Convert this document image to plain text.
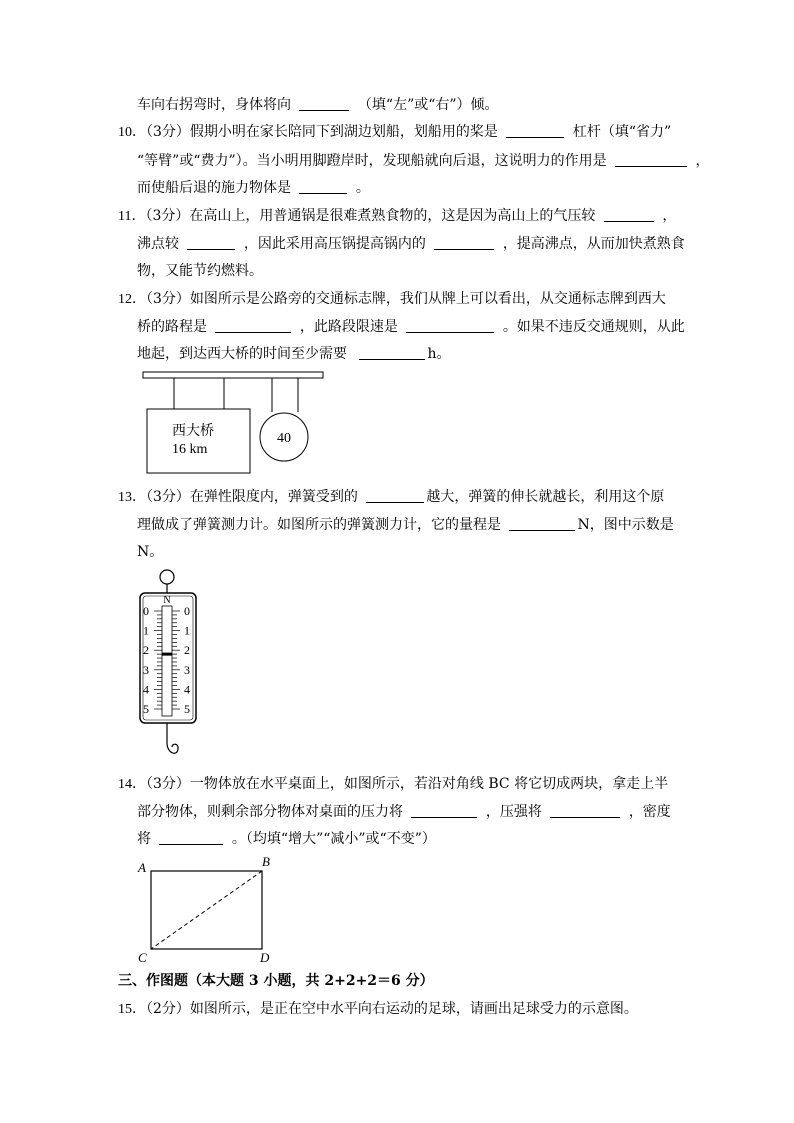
车向右拐弯时，身体将向	（填“左”或“右”）倾。
10．（3分）假期小明在家长陪同下到湖边划船，划船用的桨是	杠杆（填“省力”
“等臂”或“费力”）。当小明用脚蹬岸时，发现船就向后退，这说明力的作用是	，
而使船后退的施力物体是	。
11．（3分）在高山上，用普通锅是很难煮熟食物的，这是因为高山上的气压较	，
沸点较	，因此采用高压锅提高锅内的	，提高沸点，从而加快煮熟食
物，又能节约燃料。
12．（3分）如图所示是公路旁的交通标志牌，我们从牌上可以看出，从交通标志牌到西大
桥的路程是	，此路段限速是	。如果不违反交通规则，从此
地起，到达西大桥的时间至少需要	h。
西大桥
16 km
40
13．（3分）在弹性限度内，弹簧受到的	越大，弹簧的伸长就越长，利用这个原
理做成了弹簧测力计。如图所示的弹簧测力计，它的量程是	N，图中示数是
N。
N
0
1
2
3
4
5
0
1
2
3
4
5
14．（3分）一物体放在水平桌面上，如图所示，若沿对角线 BC 将它切成两块，拿走上半
部分物体，则剩余部分物体对桌面的压力将	，压强将	，密度
将	。（均填“增大”“减小”或“不变”）
A	B
C	D
三、作图题（本大题 3 小题，共 2+2+2＝6 分）
15．（2分）如图所示，是正在空中水平向右运动的足球，请画出足球受力的示意图。
